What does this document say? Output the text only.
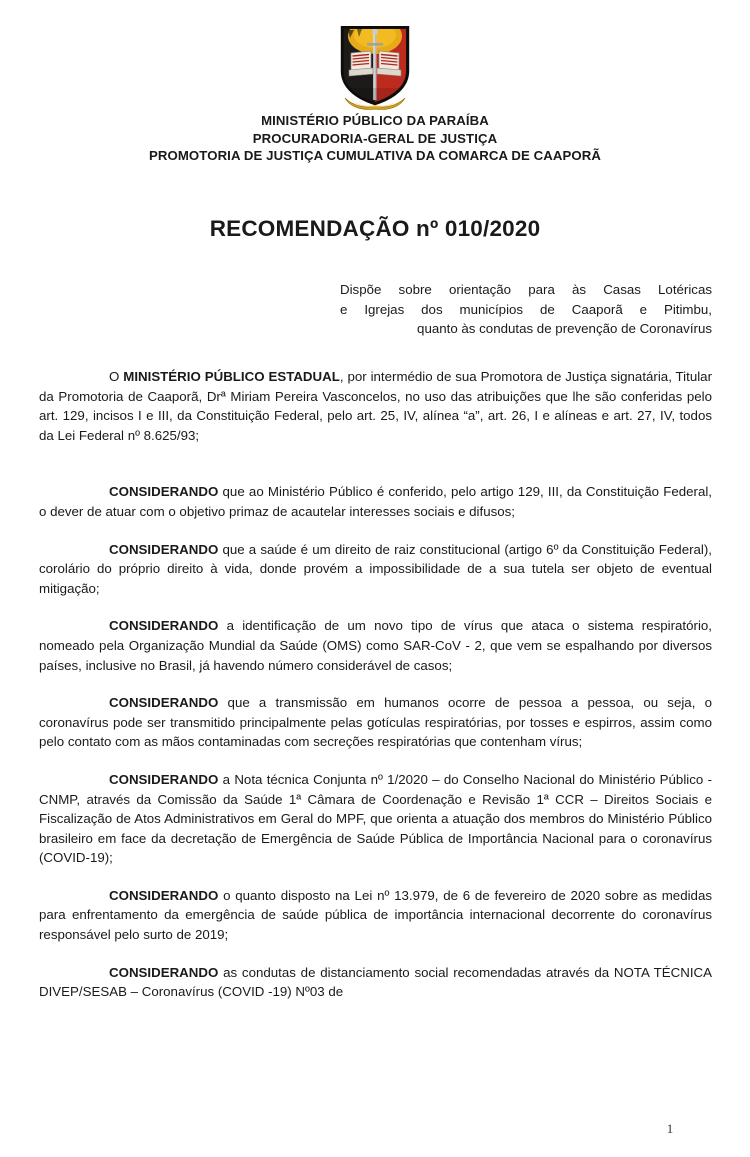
MINISTÉRIO PÚBLICO DA PARAÍBA
PROCURADORIA-GERAL DE JUSTIÇA
PROMOTORIA DE JUSTIÇA CUMULATIVA DA COMARCA DE CAAPORÃ
RECOMENDAÇÃO nº 010/2020
Dispõe sobre orientação para às Casas Lotéricas
e Igrejas dos municípios de Caaporã e Pitimbu,
quanto às condutas de prevenção de Coronavírus

O MINISTÉRIO PÚBLICO ESTADUAL, por intermédio de sua Promotora de Justiça signatária, Titular da Promotoria de Caaporã, Drª Miriam Pereira Vasconcelos, no uso das atribuições que lhe são conferidas pelo art. 129, incisos I e III, da Constituição Federal, pelo art. 25, IV, alínea “a”, art. 26, I e alíneas e art. 27, IV, todos da Lei Federal nº 8.625/93;

CONSIDERANDO que ao Ministério Público é conferido, pelo artigo 129, III, da Constituição Federal, o dever de atuar com o objetivo primaz de acautelar interesses sociais e difusos;

CONSIDERANDO que a saúde é um direito de raiz constitucional (artigo 6º da Constituição Federal), corolário do próprio direito à vida, donde provém a impossibilidade de a sua tutela ser objeto de eventual mitigação;

CONSIDERANDO a identificação de um novo tipo de vírus que ataca o sistema respiratório, nomeado pela Organização Mundial da Saúde (OMS) como SAR-CoV - 2, que vem se espalhando por diversos países, inclusive no Brasil, já havendo número considerável de casos;

CONSIDERANDO que a transmissão em humanos ocorre de pessoa a pessoa, ou seja, o coronavírus pode ser transmitido principalmente pelas gotículas respiratórias, por tosses e espirros, assim como pelo contato com as mãos contaminadas com secreções respiratórias que contenham vírus;

CONSIDERANDO a Nota técnica Conjunta nº 1/2020 – do Conselho Nacional do Ministério Público - CNMP, através da Comissão da Saúde 1ª Câmara de Coordenação e Revisão 1ª CCR – Direitos Sociais e Fiscalização de Atos Administrativos em Geral do MPF, que orienta a atuação dos membros do Ministério Público brasileiro em face da decretação de Emergência de Saúde Pública de Importância Nacional para o coronavírus (COVID-19);

CONSIDERANDO o quanto disposto na Lei nº 13.979, de 6 de fevereiro de 2020 sobre as medidas para enfrentamento da emergência de saúde pública de importância internacional decorrente do coronavírus responsável pelo surto de 2019;

CONSIDERANDO as condutas de distanciamento social recomendadas através da NOTA TÉCNICA DIVEP/SESAB – Coronavírus (COVID -19) Nº03 de

1
